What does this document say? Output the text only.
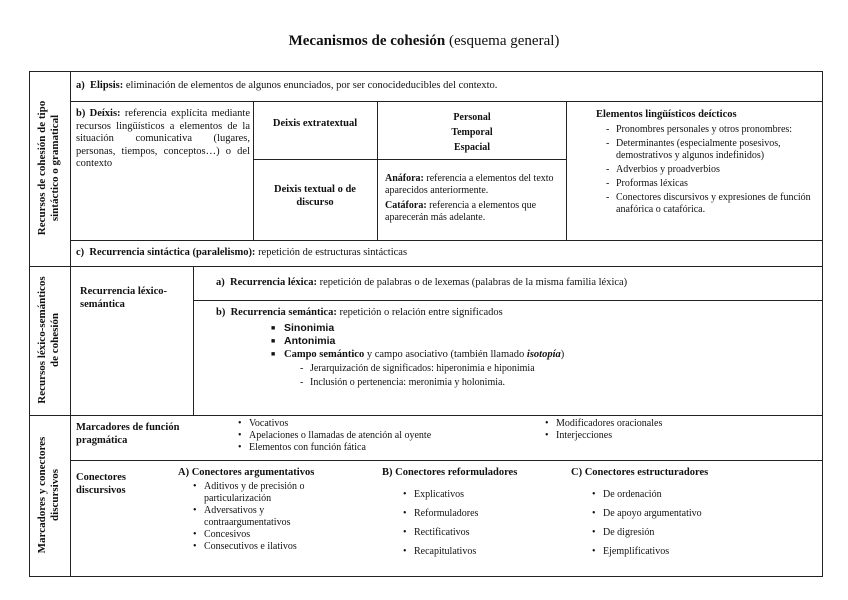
Mecanismos de cohesión (esquema general)
Recursos de cohesión de tipo sintáctico o gramatical
Recursos léxico-semánticos de cohesión
Marcadores y conectores discursivos
a) Elipsis: eliminación de elementos de algunos enunciados, por ser conocideducibles del contexto.
b) Deíxis: referencia explícita mediante recursos lingüísticos a elementos de la situación comunicativa (lugares, personas, tiempos, conceptos…) o del contexto
Deixis extratextual
Personal
Temporal
Espacial
Deixis textual o de discurso
Anáfora: referencia a elementos del texto aparecidos anteriormente.
Catáfora: referencia a elementos que aparecerán más adelante.
Elementos lingüísticos deícticos
- Pronombres personales y otros pronombres:
- Determinantes (especialmente posesivos, demostrativos y algunos indefinidos)
- Adverbios y proadverbios
- Proformas léxicas
- Conectores discursivos y expresiones de función anafórica o catafórica.
c) Recurrencia sintáctica (paralelismo): repetición de estructuras sintácticas
Recurrencia léxico-semántica
a) Recurrencia léxica: repetición de palabras o de lexemas (palabras de la misma familia léxica)
b) Recurrencia semántica: repetición o relación entre significados
■ Sinonimia
■ Antonimia
■ Campo semántico y campo asociativo (también llamado isotopía)
- Jerarquización de significados: hiperonimia e hiponimia
- Inclusión o pertenencia: meronimia y holonimia.
Marcadores de función pragmática
• Vocativos
• Apelaciones o llamadas de atención al oyente
• Elementos con función fática
• Modificadores oracionales
• Interjecciones
Conectores discursivos
A) Conectores argumentativos
• Aditivos y de precisión o particularización
• Adversativos y contraargumentativos
• Concesivos
• Consecutivos e ilativos
B) Conectores reformuladores
• Explicativos
• Reformuladores
• Rectificativos
• Recapitulativos
C) Conectores estructuradores
• De ordenación
• De apoyo argumentativo
• De digresión
• Ejemplificativos
